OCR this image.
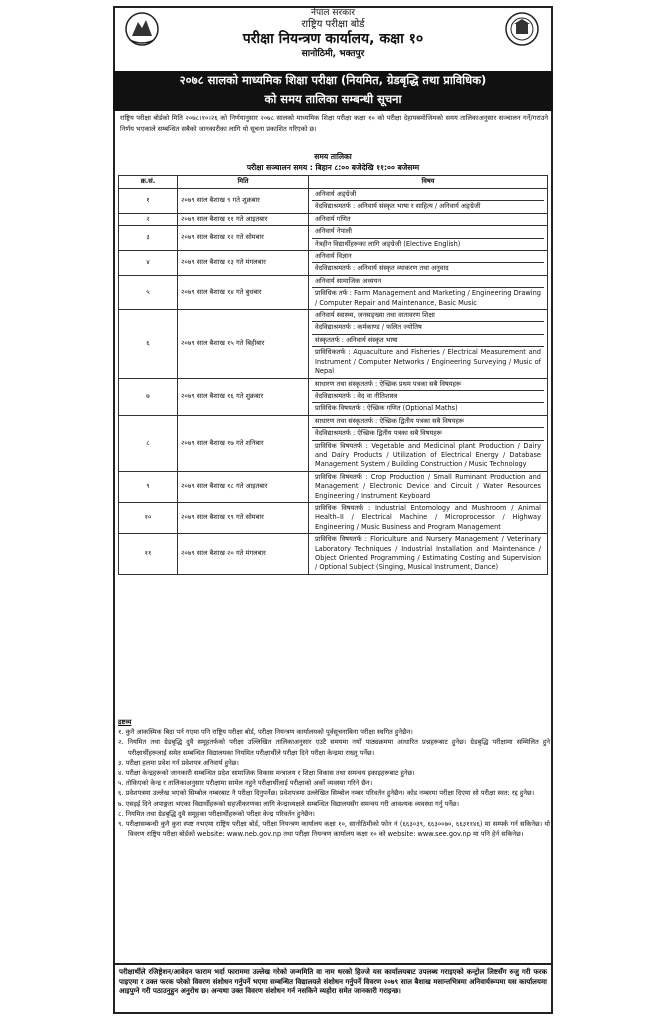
नेपाल सरकार
राष्ट्रिय परीक्षा बोर्ड
परीक्षा नियन्त्रण कार्यालय, कक्षा १०
सानोठिमी, भक्तपुर
२०७८ सालको माध्यमिक शिक्षा परीक्षा (नियमित, ग्रेडबृद्धि तथा प्राविधिक)
को समय तालिका सम्बन्धी सूचना
राष्ट्रिय परीक्षा बोर्डको मिति २०७८।१०।२६ को निर्णयानुसार २०७८ सालको माध्यमिक शिक्षा परीक्षा कक्षा १० को परीक्षा देहायबमोजिमको समय तालिकाअनुसार सञ्चालन गर्ने/गराउने निर्णय भएकाले सम्बन्धित सबैको जानकारीका लागि यो सूचना प्रकाशित गरिएको छ।
समय तालिका
परीक्षा सञ्चालन समय : बिहान ८:०० बजेदेखि ११:०० बजेसम्म
क्र.सं.	मिति	विषय
१	२०७९ साल बैशाख ९ गते शुक्रबार	अनिवार्य अङ्ग्रेजी
वेदविद्याश्रमतर्फ : अनिवार्य संस्कृत भाषा र साहित्य / अनिवार्य अङ्ग्रेजी

२	२०७९ साल बैशाख ११ गते आइतबार	अनिवार्य गणित

३	२०७९ साल बैशाख १२ गते सोमबार	अनिवार्य नेपाली
नेत्रहीन विद्यार्थीहरूका लागि अङ्ग्रेजी (Elective English)

४	२०७९ साल बैशाख १३ गते मंगलबार	अनिवार्य विज्ञान
वेदविद्याश्रमतर्फ : अनिवार्य संस्कृत व्याकरण तथा अनुवाद

५	२०७९ साल बैशाख १४ गते बुधबार	अनिवार्य सामाजिक अध्ययन
प्राविधिक तर्फ : Farm Management and Marketing / Engineering Drawing / Computer Repair and Maintenance, Basic Music

६	२०७९ साल बैशाख १५ गते बिहीबार	अनिवार्य स्वास्थ्य, जनसङ्ख्या तथा वातावरण शिक्षा
वेदविद्याश्रमतर्फ : कर्मकाण्ड / फलित ज्योतिष
संस्कृततर्फ : अनिवार्य संस्कृत भाषा
प्राविधिकतर्फ : Aquaculture and Fisheries / Electrical Measurement and Instrument / Computer Networks / Engineering Surveying / Music of Nepal

७	२०७९ साल बैशाख १६ गते शुक्रबार	साधारण तथा संस्कृततर्फ : ऐच्छिक प्रथम पत्रका सबै विषयहरू
वेदविद्याश्रमतर्फ : वेद वा नीतिशास्त्र
प्राविधिक विषयतर्फ : ऐच्छिक गणित (Optional Maths)

८	२०७९ साल बैशाख १७ गते शनिबार	साधारण तथा संस्कृततर्फ : ऐच्छिक द्वितीय पत्रका सबै विषयहरू
वेदविद्याश्रमतर्फ : ऐच्छिक द्वितीय पत्रका सबै विषयहरू
प्राविधिक विषयतर्फ : Vegetable and Medicinal plant Production / Dairy and Dairy Products / Utilization of Electrical Energy / Database Management System / Building Construction / Music Technology

९	२०७९ साल बैशाख १८ गते आइतबार	प्राविधिक विषयतर्फ : Crop Production / Small Ruminant Production and Management / Electronic Device and Circuit / Water Resources Engineering / Instrument Keyboard

१०	२०७९ साल बैशाख १९ गते सोमबार	प्राविधिक विषयतर्फ : Industrial Entomology and Mushroom / Animal Health–II / Electrical Machine / Microprocessor / Highway Engineering / Music Business and Program Management

११	२०७९ साल बैशाख २० गते मंगलबार	प्राविधिक विषयतर्फ : Floriculture and Nursery Management / Veterinary Laboratory Techniques / Industrial Installation and Maintenance / Object Oriented Programming / Estimating Costing and Supervision / Optional Subject (Singing, Musical Instrument, Dance)
द्रष्टव्य
१. कुनै आकस्मिक बिदा पर्न गएमा पनि राष्ट्रिय परीक्षा बोर्ड, परीक्षा नियन्त्रण कार्यालयको पूर्वसूचनाबिना परीक्षा स्थगित हुनेछैन।
२. नियमित तथा ग्रेडबृद्धि दुवै समूहतर्फको परीक्षा उल्लिखित तालिकाअनुसार एउटै समयमा नयाँ पाठ्यक्रममा आधारित प्रश्नहरूबाट हुनेछ। ग्रेडबृद्धि परीक्षामा सम्मिलित हुने परीक्षार्थीहरूलाई समेत सम्बन्धित विद्यालयका नियमित परीक्षार्थीले परीक्षा दिने परीक्षा केन्द्रमा राख्नु पर्नेछ।
३. परीक्षा हलमा प्रवेश गर्न प्रवेशपत्र अनिवार्य हुनेछ।
४. परीक्षा केन्द्रहरूको जानकारी सम्बन्धित प्रदेश सामाजिक विकास मन्त्रालय र शिक्षा विकास तथा समन्वय इकाइहरूबाट हुनेछ।
५. तोकिएको केन्द्र र तालिकाअनुसार परीक्षामा सामेल नहुने परीक्षार्थीलाई परीक्षाको अर्को व्यवस्था गरिने छैन।
६. प्रवेशपत्रमा उल्लेख भएको सिम्बोल नम्बरबाट नै परीक्षा दिनुपर्नेछ। प्रवेशपत्रमा उल्लेखित सिम्बोल नम्बर परिवर्तन हुनेछैन। कोड नम्बरमा परीक्षा दिएमा सो परीक्षा स्वत: रद्द हुनेछ।
७. एसइई दिने अपाङ्गता भएका विद्यार्थीहरूको सहजीकरणका लागि केन्द्राध्यक्षले सम्बन्धित विद्यालयसँग समन्वय गरी आवश्यक व्यवस्था गर्नु पर्नेछ।
८. नियमित तथा ग्रेडबृद्धि दुवै समूहका परीक्षार्थीहरूको परीक्षा केन्द्र परिवर्तन हुनेछैन।
९. परीक्षासम्बन्धी कुनै कुरा स्पष्ट नभएमा राष्ट्रिय परीक्षा बोर्ड, परीक्षा नियन्त्रण कार्यालय कक्षा १०, सानोठिमीको फोन नं (६६३०३९, ६६३००७०, ६६३११४६) मा सम्पर्क गर्न सकिनेछ। यो विवरण राष्ट्रिय परीक्षा बोर्डको website: www.neb.gov.np तथा परीक्षा नियन्त्रण कार्यालय कक्षा १० को website: www.see.gov.np मा पनि हेर्न सकिनेछ।
परीक्षार्थीले रजिष्ट्रेशन/आवेदन फाराम भर्दा फाराममा उल्लेख गरेको जन्ममिति वा नाम थरको हिज्जे यस कार्यालयबाट उपलब्ध गराइएको कन्ट्रोल लिष्टसँग रुजु गरी फरक पाइएमा र उक्त फरक परेको विवरण संशोधन गर्नुपर्ने भएमा सम्बन्धित विद्यालयले संशोधन गर्नुपर्ने विवरण २०७९ साल बैशाख मसान्तभित्रमा अनिवार्यरूपमा यस कार्यालयमा आइपुग्ने गरी पठाउनुहुन अनुरोध छ। अन्यथा उक्त विवरण संशोधन गर्न नसकिने व्यहोरा समेत जानकारी गराइन्छ।
